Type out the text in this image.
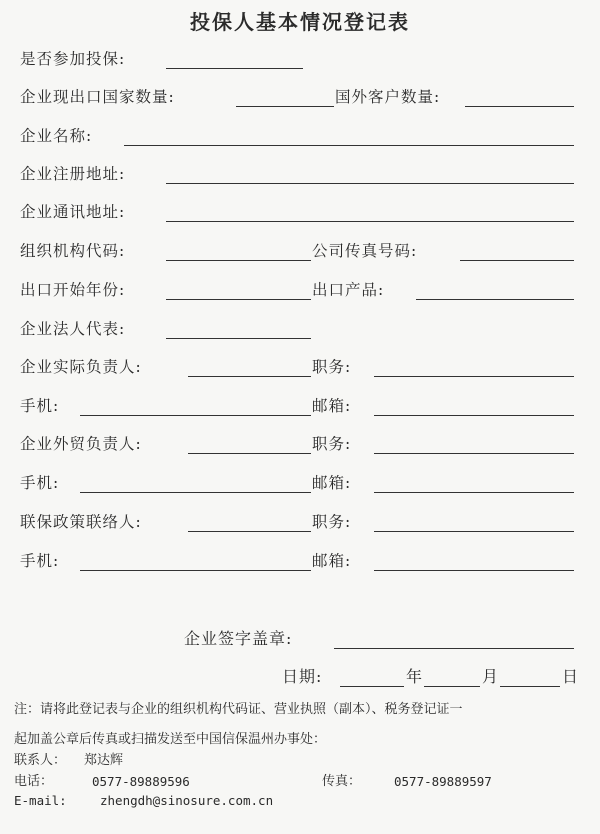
投保人基本情况登记表
是否参加投保:
企业现出口国家数量:	国外客户数量:
企业名称:
企业注册地址:
企业通讯地址:
组织机构代码:	公司传真号码:
出口开始年份:	出口产品:
企业法人代表:
企业实际负责人:	职务:
手机:	邮箱:
企业外贸负责人:	职务:
手机:	邮箱:
联保政策联络人:	职务:
手机:	邮箱:
企业签字盖章:
日期:	年	月	日
注：请将此登记表与企业的组织机构代码证、营业执照（副本）、税务登记证一
起加盖公章后传真或扫描发送至中国信保温州办事处：
联系人： 郑达辉
电话：	0577-89889596	传真：	0577-89889597
E-mail:	zhengdh@sinosure.com.cn
